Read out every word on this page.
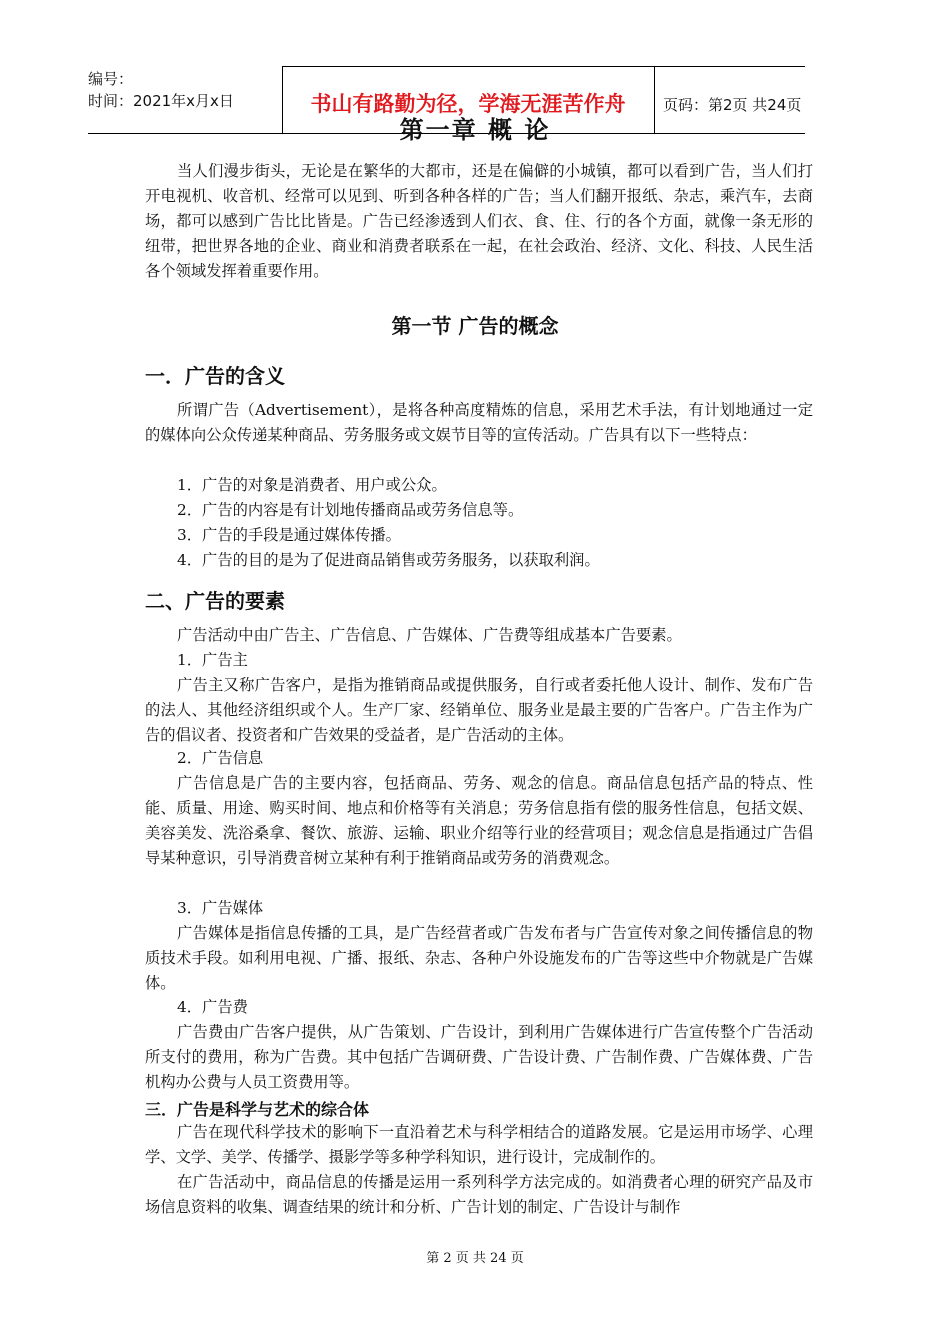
编号：
时间：2021年x月x日	书山有路勤为径，学海无涯苦作舟	页码：第2页 共24页
第一章 概 论

当人们漫步街头，无论是在繁华的大都市，还是在偏僻的小城镇，都可以看到广告，当人们打开电视机、收音机、经常可以见到、听到各种各样的广告；当人们翻开报纸、杂志，乘汽车，去商场，都可以感到广告比比皆是。广告已经渗透到人们衣、食、住、行的各个方面，就像一条无形的纽带，把世界各地的企业、商业和消费者联系在一起，在社会政治、经济、文化、科技、人民生活各个领域发挥着重要作用。

第一节 广告的概念
一．广告的含义

所谓广告（Advertisement），是将各种高度精炼的信息，采用艺术手法，有计划地通过一定的媒体向公众传递某种商品、劳务服务或文娱节目等的宣传活动。广告具有以下一些特点：

1．广告的对象是消费者、用户或公众。

2．广告的内容是有计划地传播商品或劳务信息等。

3．广告的手段是通过媒体传播。

4．广告的目的是为了促进商品销售或劳务服务，以获取利润。

二、广告的要素

广告活动中由广告主、广告信息、广告媒体、广告费等组成基本广告要素。

1．广告主

广告主又称广告客户，是指为推销商品或提供服务，自行或者委托他人设计、制作、发布广告的法人、其他经济组织或个人。生产厂家、经销单位、服务业是最主要的广告客户。广告主作为广告的倡议者、投资者和广告效果的受益者，是广告活动的主体。

2．广告信息

广告信息是广告的主要内容，包括商品、劳务、观念的信息。商品信息包括产品的特点、性能、质量、用途、购买时间、地点和价格等有关消息；劳务信息指有偿的服务性信息，包括文娱、美容美发、洗浴桑拿、餐饮、旅游、运输、职业介绍等行业的经营项目；观念信息是指通过广告倡导某种意识，引导消费音树立某种有利于推销商品或劳务的消费观念。

3．广告媒体

广告媒体是指信息传播的工具，是广告经营者或广告发布者与广告宣传对象之间传播信息的物质技术手段。如利用电视、广播、报纸、杂志、各种户外设施发布的广告等这些中介物就是广告媒体。

4．广告费

广告费由广告客户提供，从广告策划、广告设计，到利用广告媒体进行广告宣传整个广告活动所支付的费用，称为广告费。其中包括广告调研费、广告设计费、广告制作费、广告媒体费、广告机构办公费与人员工资费用等。

三．广告是科学与艺术的综合体

广告在现代科学技术的影响下一直沿着艺术与科学相结合的道路发展。它是运用市场学、心理学、文学、美学、传播学、摄影学等多种学科知识，进行设计，完成制作的。

在广告活动中，商品信息的传播是运用一系列科学方法完成的。如消费者心理的研究产品及市场信息资料的收集、调查结果的统计和分析、广告计划的制定、广告设计与制作

第 2 页 共 24 页
